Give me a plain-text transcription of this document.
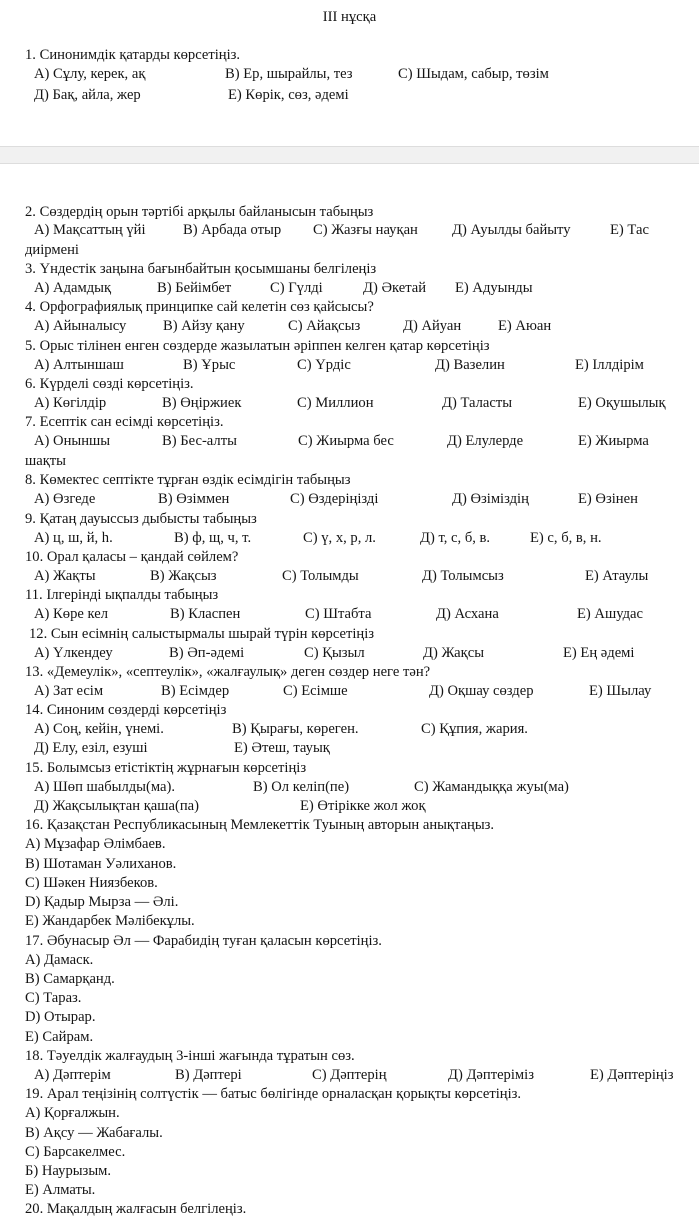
III нұсқа
1. Синонимдік қатарды көрсетіңіз.
А) Сұлу, керек, ақ	В) Ер, шырайлы, тез	С) Шыдам, сабыр, төзім
Д) Бақ, айла, жер	Е) Көрік, сөз, әдемі
2. Сөздердің орын тәртібі арқылы байланысын табыңыз
А) Мақсаттың үйі	В) Арбада отыр С) Жазғы науқан Д) Ауылды байыту	Е) Тас
диірмені
3. Үндестік заңына бағынбайтын қосымшаны белгілеңіз
А) Адамдық	В) Бейімбет	С) Гүлді	Д) Әкетай Е) Адуынды
4. Орфографиялық принципке сай келетін сөз қайсысы?
А) Айыналысу	В) Айзу қану	С) Айақсыз	Д) Айуан	Е) Аюан
5. Орыс тілінен енген сөздерде жазылатын әріппен келген қатар көрсетіңіз
А) Алтыншаш	В) Ұрыс	С) Үрдіс	Д) Вазелин	Е) Іллдірім
6. Күрделі сөзді көрсетіңіз.
А) Көгілдір	В) Өңіржиек	С) Миллион	Д) Таласты	Е) Оқушылық
7. Есептік сан есімді көрсетіңіз.
А) Оныншы	В) Бес-алты	С) Жиырма бес	Д) Елулерде	Е) Жиырма
шақты
8. Көмектес септікте тұрған өздік есімдігін табыңыз
А) Өзгеде	В) Өзіммен	С) Өздеріңізді	Д) Өзіміздің	Е) Өзінен
9. Қатаң дауыссыз дыбысты табыңыз
А) ц, ш, й, һ.	В) ф, щ, ч, т.	С) ү, х, р, л.	Д) т, с, б, в.	Е) с, б, в, н.
10. Орал қаласы – қандай сөйлем?
А) Жақты	В) Жақсыз	С) Толымды	Д) Толымсыз	Е) Атаулы
11. Ілгерінді ықпалды табыңыз
А) Көре кел	В) Класпен	С) Штабта	Д) Асхана	Е) Ашудас
12. Сын есімнің салыстырмалы шырай түрін көрсетіңіз
А) Үлкендеу	В) Әп-әдемі	С) Қызыл	Д) Жақсы	Е) Ең әдемі
13. «Демеулік», «септеулік», «жалғаулық» деген сөздер неге тән?
А) Зат есім	В) Есімдер	С) Есімше	Д) Оқшау сөздер	Е) Шылау
14. Синоним сөздерді көрсетіңіз
А) Соң, кейін, үнемі.	В) Қырағы, көреген.	С) Құпия, жария.
Д) Елу, езіл, езуші	Е) Әтеш, тауық
15. Болымсыз етістіктің жұрнағын көрсетіңіз
А) Шөп шабылды(ма).	В) Ол келіп(пе)	С) Жамандыққа жуы(ма)
Д) Жақсылықтан қаша(па)	Е) Өтірікке жол жоқ
16. Қазақстан Республикасының Мемлекеттік Туының авторын анықтаңыз.
А) Мұзафар Әлімбаев.
В) Шотаман Уәлиханов.
С) Шәкен Ниязбеков.
D) Қадыр Мырза — Әлі.
Е) Жандарбек Мәлібекұлы.
17. Әбунасыр Әл — Фарабидің туған қаласын көрсетіңіз.
А) Дамаск.
В) Самарқанд.
С) Тараз.
D) Отырар.
Е) Сайрам.
18. Тәуелдік жалғаудың 3-інші жағында тұратын сөз.
А) Дәптерім	В) Дәптері	С) Дәптерің	Д) Дәптеріміз	Е) Дәптеріңіз
19. Арал теңізінің солтүстік — батыс бөлігінде орналасқан қорықты көрсетіңіз.
А) Қорғалжын.
В) Ақсу — Жабағалы.
С) Барсакелмес.
Б) Наурызым.
Е) Алматы.
20. Мақалдың жалғасын белгілеңіз.
